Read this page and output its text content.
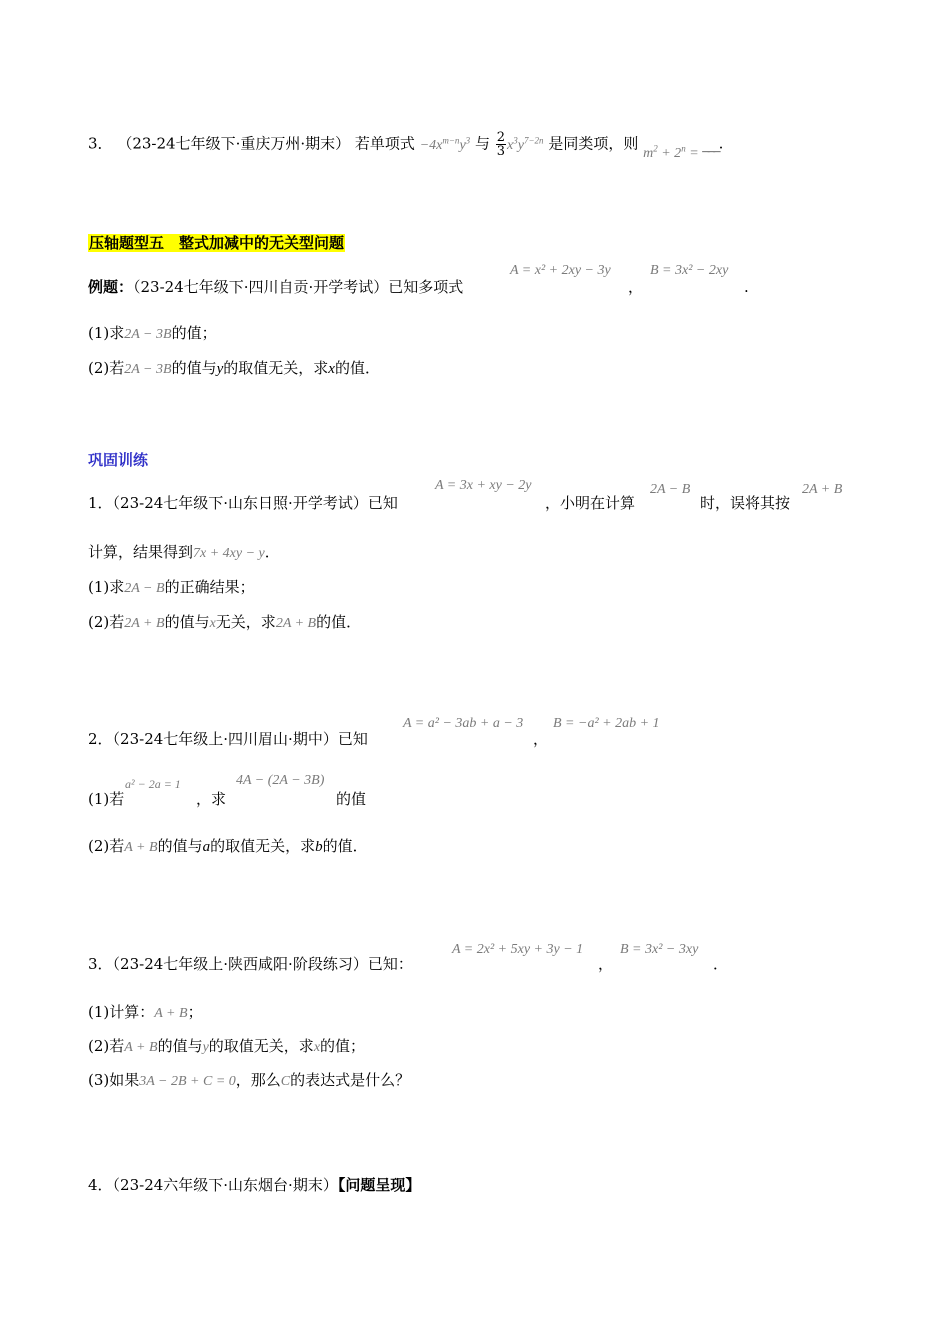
3． （23-24七年级下·重庆万州·期末） 若单项式 $-4x^{m-n}y^3$ 与 $\frac{2}{3} x^3y^{7-2n}$ 是同类项，则 $m^2 + 2^n$ = ___.
压轴题型五　整式加减中的无关型问题
例题：（23-24七年级下·四川自贡·开学考试）已知多项式
A = x² + 2xy − 3y
，
B = 3x² − 2xy
.
(1)求2A − 3B的值；
(2)若2A − 3B的值与y的取值无关，求x的值．
巩固训练
1．（23-24七年级下·山东日照·开学考试）已知
A = 3x + xy − 2y
，小明在计算
2A − B
时，误将其按
2A + B
计算，结果得到7x + 4xy − y．
(1)求2A − B的正确结果；
(2)若2A + B的值与x无关，求2A + B的值．
2．（23-24七年级上·四川眉山·期中）已知
A = a² − 3ab + a − 3
，
B = −a² + 2ab + 1
(1)若
a² − 2a = 1
，求
4A − (2A − 3B)
的值
(2)若A + B的值与a的取值无关，求b的值．
3．（23-24七年级上·陕西咸阳·阶段练习）已知：
A = 2x² + 5xy + 3y − 1
，
B = 3x² − 3xy
．
(1)计算：A + B；
(2)若A + B的值与y的取值无关，求x的值；
(3)如果3A − 2B + C = 0，那么C的表达式是什么？
4．（23-24六年级下·山东烟台·期末）【问题呈现】
